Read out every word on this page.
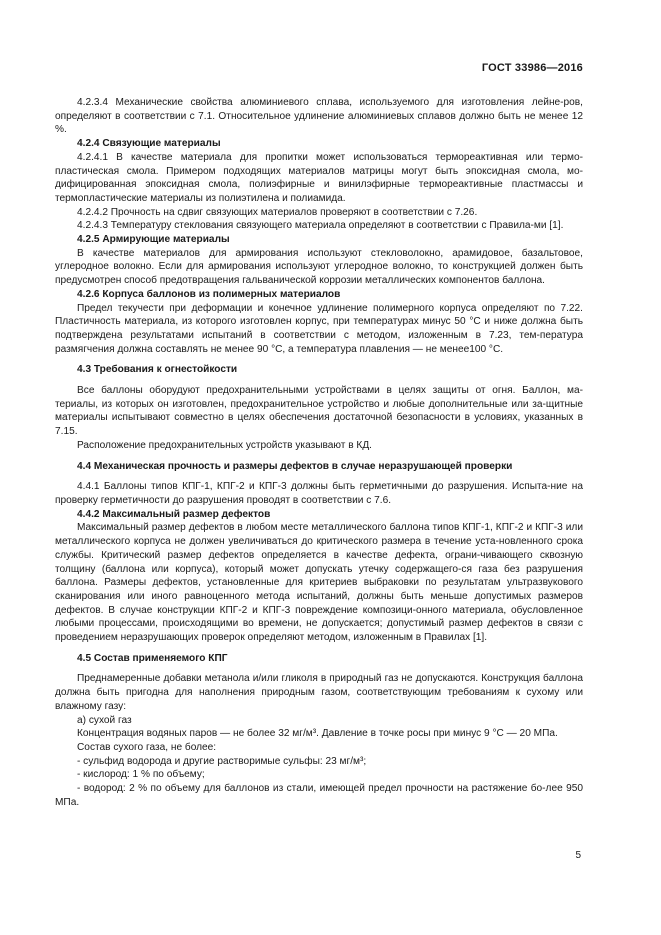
ГОСТ 33986—2016

4.2.3.4 Механические свойства алюминиевого сплава, используемого для изготовления лейне-ров, определяют в соответствии с 7.1. Относительное удлинение алюминиевых сплавов должно быть не менее 12 %.

4.2.4 Связующие материалы

4.2.4.1 В качестве материала для пропитки может использоваться термореактивная или термо-пластическая смола. Примером подходящих материалов матрицы могут быть эпоксидная смола, мо-дифицированная эпоксидная смола, полиэфирные и винилэфирные термореактивные пластмассы и термопластические материалы из полиэтилена и полиамида.

4.2.4.2 Прочность на сдвиг связующих материалов проверяют в соответствии с 7.26.

4.2.4.3 Температуру стеклования связующего материала определяют в соответствии с Правила-ми [1].

4.2.5 Армирующие материалы

В качестве материалов для армирования используют стекловолокно, арамидовое, базальтовое, углеродное волокно. Если для армирования используют углеродное волокно, то конструкцией должен быть предусмотрен способ предотвращения гальванической коррозии металлических компонентов баллона.

4.2.6 Корпуса баллонов из полимерных материалов

Предел текучести при деформации и конечное удлинение полимерного корпуса определяют по 7.22. Пластичность материала, из которого изготовлен корпус, при температурах минус 50 °C и ниже должна быть подтверждена результатами испытаний в соответствии с методом, изложенным в 7.23, тем-пература размягчения должна составлять не менее 90 °C, а температура плавления — не менее100 °C.

4.3 Требования к огнестойкости

Все баллоны оборудуют предохранительными устройствами в целях защиты от огня. Баллон, ма-териалы, из которых он изготовлен, предохранительное устройство и любые дополнительные или за-щитные материалы испытывают совместно в целях обеспечения достаточной безопасности в условиях, указанных в 7.15.

Расположение предохранительных устройств указывают в КД.

4.4 Механическая прочность и размеры дефектов в случае неразрушающей проверки

4.4.1 Баллоны типов КПГ-1, КПГ-2 и КПГ-3 должны быть герметичными до разрушения. Испыта-ние на проверку герметичности до разрушения проводят в соответствии с 7.6.

4.4.2 Максимальный размер дефектов

Максимальный размер дефектов в любом месте металлического баллона типов КПГ-1, КПГ-2 и КПГ-3 или металлического корпуса не должен увеличиваться до критического размера в течение уста-новленного срока службы. Критический размер дефектов определяется в качестве дефекта, ограни-чивающего сквозную толщину (баллона или корпуса), который может допускать утечку содержащего-ся газа без разрушения баллона. Размеры дефектов, установленные для критериев выбраковки по результатам ультразвукового сканирования или иного равноценного метода испытаний, должны быть меньше допустимых размеров дефектов. В случае конструкции КПГ-2 и КПГ-3 повреждение композици-онного материала, обусловленное любыми процессами, происходящими во времени, не допускается; допустимый размер дефектов в связи с проведением неразрушающих проверок определяют методом, изложенным в Правилах [1].

4.5 Состав применяемого КПГ

Преднамеренные добавки метанола и/или гликоля в природный газ не допускаются. Конструкция баллона должна быть пригодна для наполнения природным газом, соответствующим требованиям к сухому или влажному газу:

а) сухой газ

Концентрация водяных паров — не более 32 мг/м³. Давление в точке росы при минус 9 °C — 20 МПа.

Состав сухого газа, не более:

- сульфид водорода и другие растворимые сульфы: 23 мг/м³;

- кислород: 1 % по объему;

- водород: 2 % по объему для баллонов из стали, имеющей предел прочности на растяжение бо-лее 950 МПа.

5
